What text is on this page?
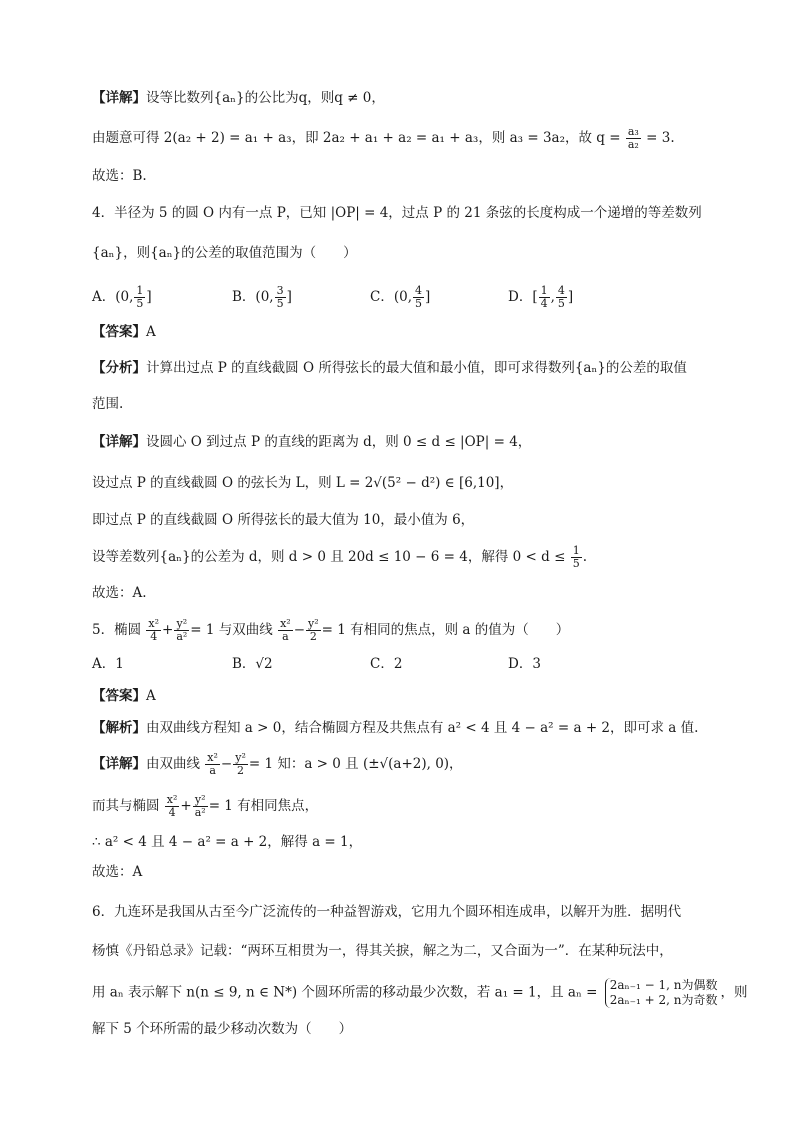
【详解】设等比数列{aₙ}的公比为q，则q ≠ 0，
由题意可得 2(a₂ + 2) = a₁ + a₃，即 2a₂ + a₁ + a₂ = a₁ + a₃，则 a₃ = 3a₂，故 $q = \frac{\text{a₃}}{\text{a₂}} = 3$.
故选：B.
4．半径为 5 的圆 O 内有一点 P，已知 |OP| = 4，过点 P 的 21 条弦的长度构成一个递增的等差数列
{aₙ}，则{aₙ}的公差的取值范围为（　　）
A．(0, $\frac{1}{5}$ ]	B．(0, $\frac{3}{5}$ ]	C．(0, $\frac{4}{5}$ ]	D．[ $\frac{1}{4}$ , $\frac{4}{5}$ ]
【答案】A
【分析】计算出过点 P 的直线截圆 O 所得弦长的最大值和最小值，即可求得数列{aₙ}的公差的取值
范围.
【详解】设圆心 O 到过点 P 的直线的距离为 d，则 0 ≤ d ≤ |OP| = 4，
设过点 P 的直线截圆 O 的弦长为 L，则 L = 2√(5² − d²) ∈ [6,10]，
即过点 P 的直线截圆 O 所得弦长的最大值为 10，最小值为 6，
设等差数列{aₙ}的公差为 d，则 d > 0 且 20d ≤ 10 − 6 = 4，解得 $0 < d \le \frac{1}{5}$ .
故选：A.
5．椭圆 $\frac{\text{x²}}{4} + \frac{\text{y²}}{\text{a²}} = 1$ 与双曲线 $\frac{\text{x²}}{a} - \frac{\text{y²}}{2} = 1$ 有相同的焦点，则 a 的值为（　　）
A．1	B．√2	C．2	D．3
【答案】A
【解析】由双曲线方程知 a > 0，结合椭圆方程及共焦点有 a² < 4 且 4 − a² = a + 2，即可求 a 值.
【详解】由双曲线 $\frac{\text{x²}}{a} - \frac{\text{y²}}{2} = 1$ 知：a > 0 且 (±√(a+2), 0)，
而其与椭圆 $\frac{\text{x²}}{4} + \frac{\text{y²}}{\text{a²}} = 1$ 有相同焦点，
∴ a² < 4 且 4 − a² = a + 2，解得 a = 1，
故选：A
6．九连环是我国从古至今广泛流传的一种益智游戏，它用九个圆环相连成串，以解开为胜．据明代
杨慎《丹铅总录》记载：“两环互相贯为一，得其关捩，解之为二，又合面为一”．在某种玩法中，
用 aₙ 表示解下 n(n ≤ 9, n ∈ N*) 个圆环所需的移动最少次数，若 a₁ = 1，且 aₙ = 2aₙ₋₁ − 1, n为偶数
2aₙ₋₁ + 2, n为奇数 ，则
解下 5 个环所需的最少移动次数为（　　）
